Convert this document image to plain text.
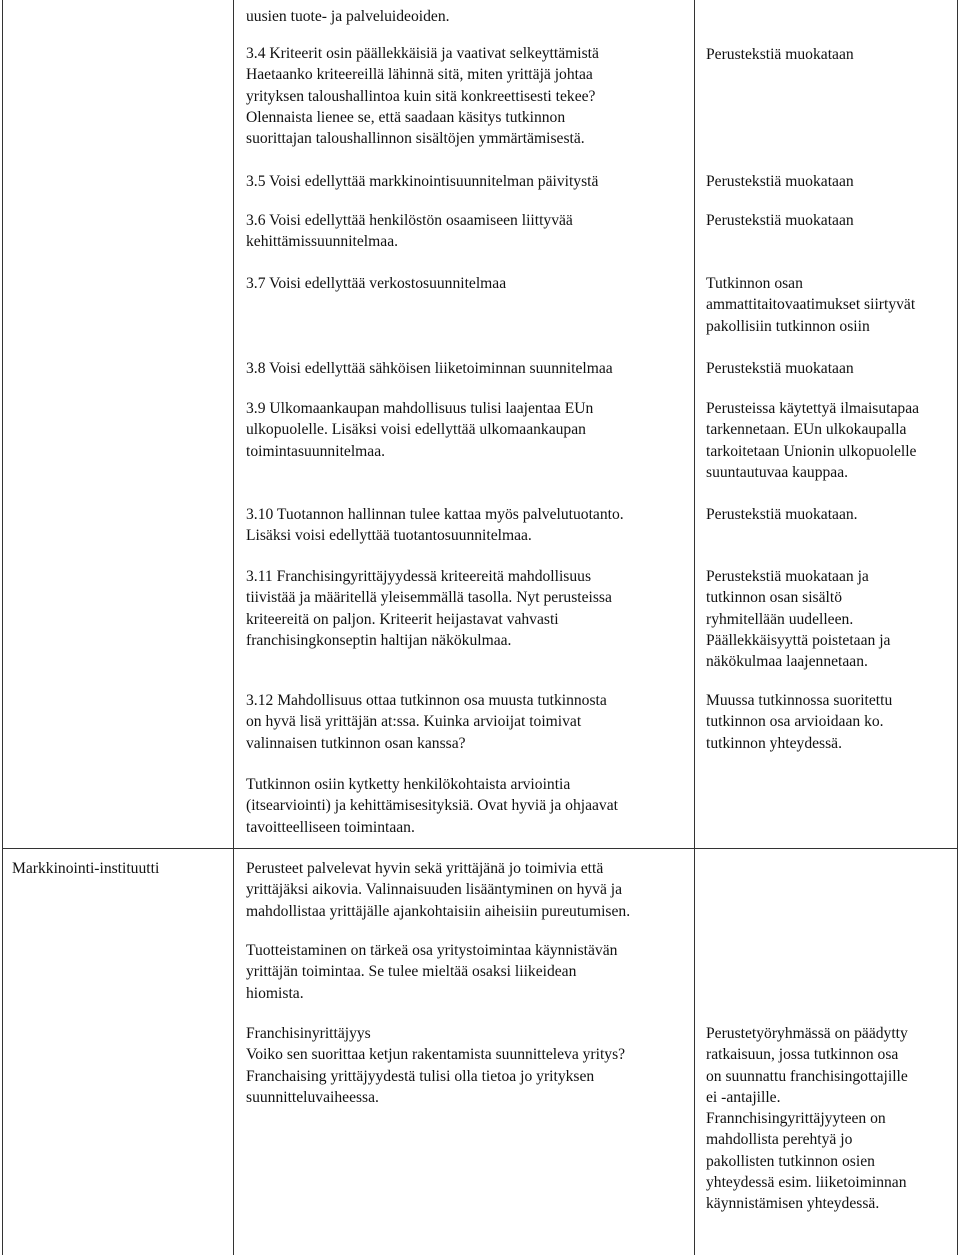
uusien tuote- ja palveluideoiden.
3.4 Kriteerit osin päällekkäisiä ja vaativat selkeyttämistä
Haetaanko kriteereillä lähinnä sitä, miten yrittäjä johtaa
yrityksen taloushallintoa kuin sitä konkreettisesti tekee?
Olennaista lienee se, että saadaan käsitys tutkinnon
suorittajan taloushallinnon sisältöjen ymmärtämisestä.
3.5 Voisi edellyttää markkinointisuunnitelman päivitystä
3.6 Voisi edellyttää henkilöstön osaamiseen liittyvää
kehittämissuunnitelmaa.
3.7 Voisi edellyttää verkostosuunnitelmaa
3.8 Voisi edellyttää sähköisen liiketoiminnan suunnitelmaa
3.9 Ulkomaankaupan mahdollisuus tulisi laajentaa EUn
ulkopuolelle. Lisäksi voisi edellyttää ulkomaankaupan
toimintasuunnitelmaa.
3.10 Tuotannon hallinnan tulee kattaa myös palvelutuotanto.
Lisäksi voisi edellyttää tuotantosuunnitelmaa.
3.11 Franchisingyrittäjyydessä kriteereitä mahdollisuus
tiivistää ja määritellä yleisemmällä tasolla. Nyt perusteissa
kriteereitä on paljon. Kriteerit heijastavat vahvasti
franchisingkonseptin haltijan näkökulmaa.
3.12 Mahdollisuus ottaa tutkinnon osa muusta tutkinnosta
on hyvä lisä yrittäjän at:ssa. Kuinka arvioijat toimivat
valinnaisen tutkinnon osan kanssa?
Tutkinnon osiin kytketty henkilökohtaista arviointia
(itsearviointi) ja kehittämisesityksiä. Ovat hyviä ja ohjaavat
tavoitteelliseen toimintaan.
Perustekstiä muokataan
Perustekstiä muokataan
Perustekstiä muokataan
Tutkinnon osan
ammattitaitovaatimukset siirtyvät
pakollisiin tutkinnon osiin
Perustekstiä muokataan
Perusteissa käytettyä ilmaisutapaa
tarkennetaan. EUn ulkokaupalla
tarkoitetaan Unionin ulkopuolelle
suuntautuvaa kauppaa.
Perustekstiä muokataan.
Perustekstiä muokataan ja
tutkinnon osan sisältö
ryhmitellään uudelleen.
Päällekkäisyyttä poistetaan ja
näkökulmaa laajennetaan.
Muussa tutkinnossa suoritettu
tutkinnon osa arvioidaan ko.
tutkinnon yhteydessä.
Markkinointi-instituutti	Perusteet palvelevat hyvin sekä yrittäjänä jo toimivia että
yrittäjäksi aikovia. Valinnaisuuden lisääntyminen on hyvä ja
mahdollistaa yrittäjälle ajankohtaisiin aiheisiin pureutumisen.
Tuotteistaminen on tärkeä osa yritystoimintaa käynnistävän
yrittäjän toimintaa. Se tulee mieltää osaksi liikeidean
hiomista.
Franchisinyrittäjyys
Voiko sen suorittaa ketjun rakentamista suunnitteleva yritys?
Franchaising yrittäjyydestä tulisi olla tietoa jo yrityksen
suunnitteluvaiheessa.
Perustetyöryhmässä on päädytty
ratkaisuun, jossa tutkinnon osa
on suunnattu franchisingottajille
ei -antajille.
Frannchisingyrittäjyyteen on
mahdollista perehtyä jo
pakollisten tutkinnon osien
yhteydessä esim. liiketoiminnan
käynnistämisen yhteydessä.
